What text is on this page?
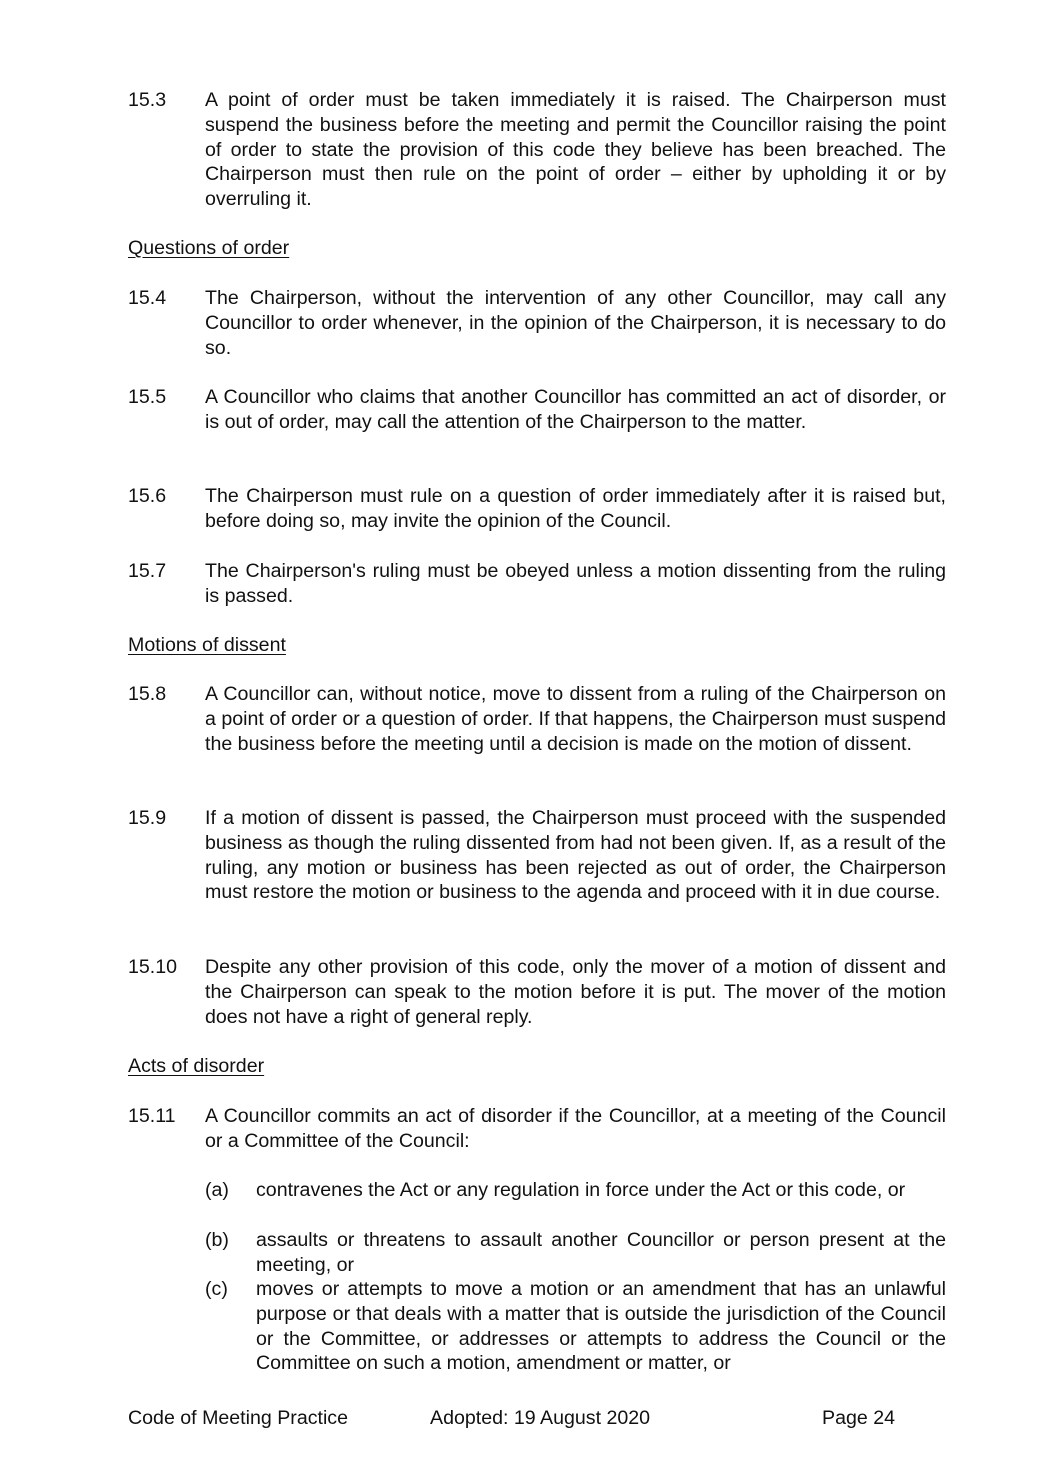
15.3	A point of order must be taken immediately it is raised. The Chairperson must suspend the business before the meeting and permit the Councillor raising the point of order to state the provision of this code they believe has been breached. The Chairperson must then rule on the point of order – either by upholding it or by overruling it.
Questions of order
15.4	The Chairperson, without the intervention of any other Councillor, may call any Councillor to order whenever, in the opinion of the Chairperson, it is necessary to do so.
15.5	A Councillor who claims that another Councillor has committed an act of disorder, or is out of order, may call the attention of the Chairperson to the matter.
15.6	The Chairperson must rule on a question of order immediately after it is raised but, before doing so, may invite the opinion of the Council.
15.7	The Chairperson's ruling must be obeyed unless a motion dissenting from the ruling is passed.
Motions of dissent
15.8	A Councillor can, without notice, move to dissent from a ruling of the Chairperson on a point of order or a question of order. If that happens, the Chairperson must suspend the business before the meeting until a decision is made on the motion of dissent.
15.9	If a motion of dissent is passed, the Chairperson must proceed with the suspended business as though the ruling dissented from had not been given. If, as a result of the ruling, any motion or business has been rejected as out of order, the Chairperson must restore the motion or business to the agenda and proceed with it in due course.
15.10	Despite any other provision of this code, only the mover of a motion of dissent and the Chairperson can speak to the motion before it is put. The mover of the motion does not have a right of general reply.
Acts of disorder
15.11	A Councillor commits an act of disorder if the Councillor, at a meeting of the Council or a Committee of the Council:
(a)	contravenes the Act or any regulation in force under the Act or this code, or
(b)	assaults or threatens to assault another Councillor or person present at the meeting, or
(c)	moves or attempts to move a motion or an amendment that has an unlawful purpose or that deals with a matter that is outside the jurisdiction of the Council or the Committee, or addresses or attempts to address the Council or the Committee on such a motion, amendment or matter, or
Code of Meeting Practice	Adopted: 19 August 2020	Page 24
